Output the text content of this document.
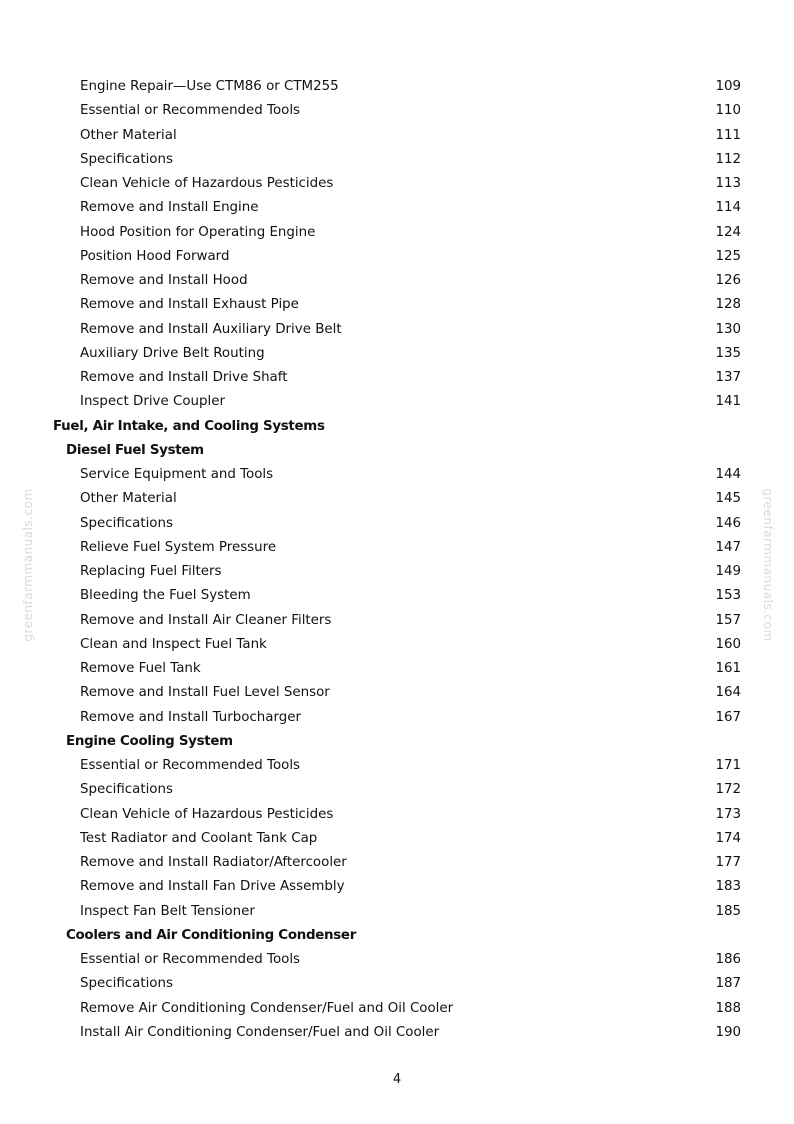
Engine Repair—Use CTM86 or CTM255	109
Essential or Recommended Tools	110
Other Material	111
Specifications	112
Clean Vehicle of Hazardous Pesticides	113
Remove and Install Engine	114
Hood Position for Operating Engine	124
Position Hood Forward	125
Remove and Install Hood	126
Remove and Install Exhaust Pipe	128
Remove and Install Auxiliary Drive Belt	130
Auxiliary Drive Belt Routing	135
Remove and Install Drive Shaft	137
Inspect Drive Coupler	141
Fuel, Air Intake, and Cooling Systems
Diesel Fuel System
Service Equipment and Tools	144
Other Material	145
Specifications	146
Relieve Fuel System Pressure	147
Replacing Fuel Filters	149
Bleeding the Fuel System	153
Remove and Install Air Cleaner Filters	157
Clean and Inspect Fuel Tank	160
Remove Fuel Tank	161
Remove and Install Fuel Level Sensor	164
Remove and Install Turbocharger	167
Engine Cooling System
Essential or Recommended Tools	171
Specifications	172
Clean Vehicle of Hazardous Pesticides	173
Test Radiator and Coolant Tank Cap	174
Remove and Install Radiator/Aftercooler	177
Remove and Install Fan Drive Assembly	183
Inspect Fan Belt Tensioner	185
Coolers and Air Conditioning Condenser
Essential or Recommended Tools	186
Specifications	187
Remove Air Conditioning Condenser/Fuel and Oil Cooler	188
Install Air Conditioning Condenser/Fuel and Oil Cooler	190
4
greenfarmmanuals.com	greenfarmmanuals.com
